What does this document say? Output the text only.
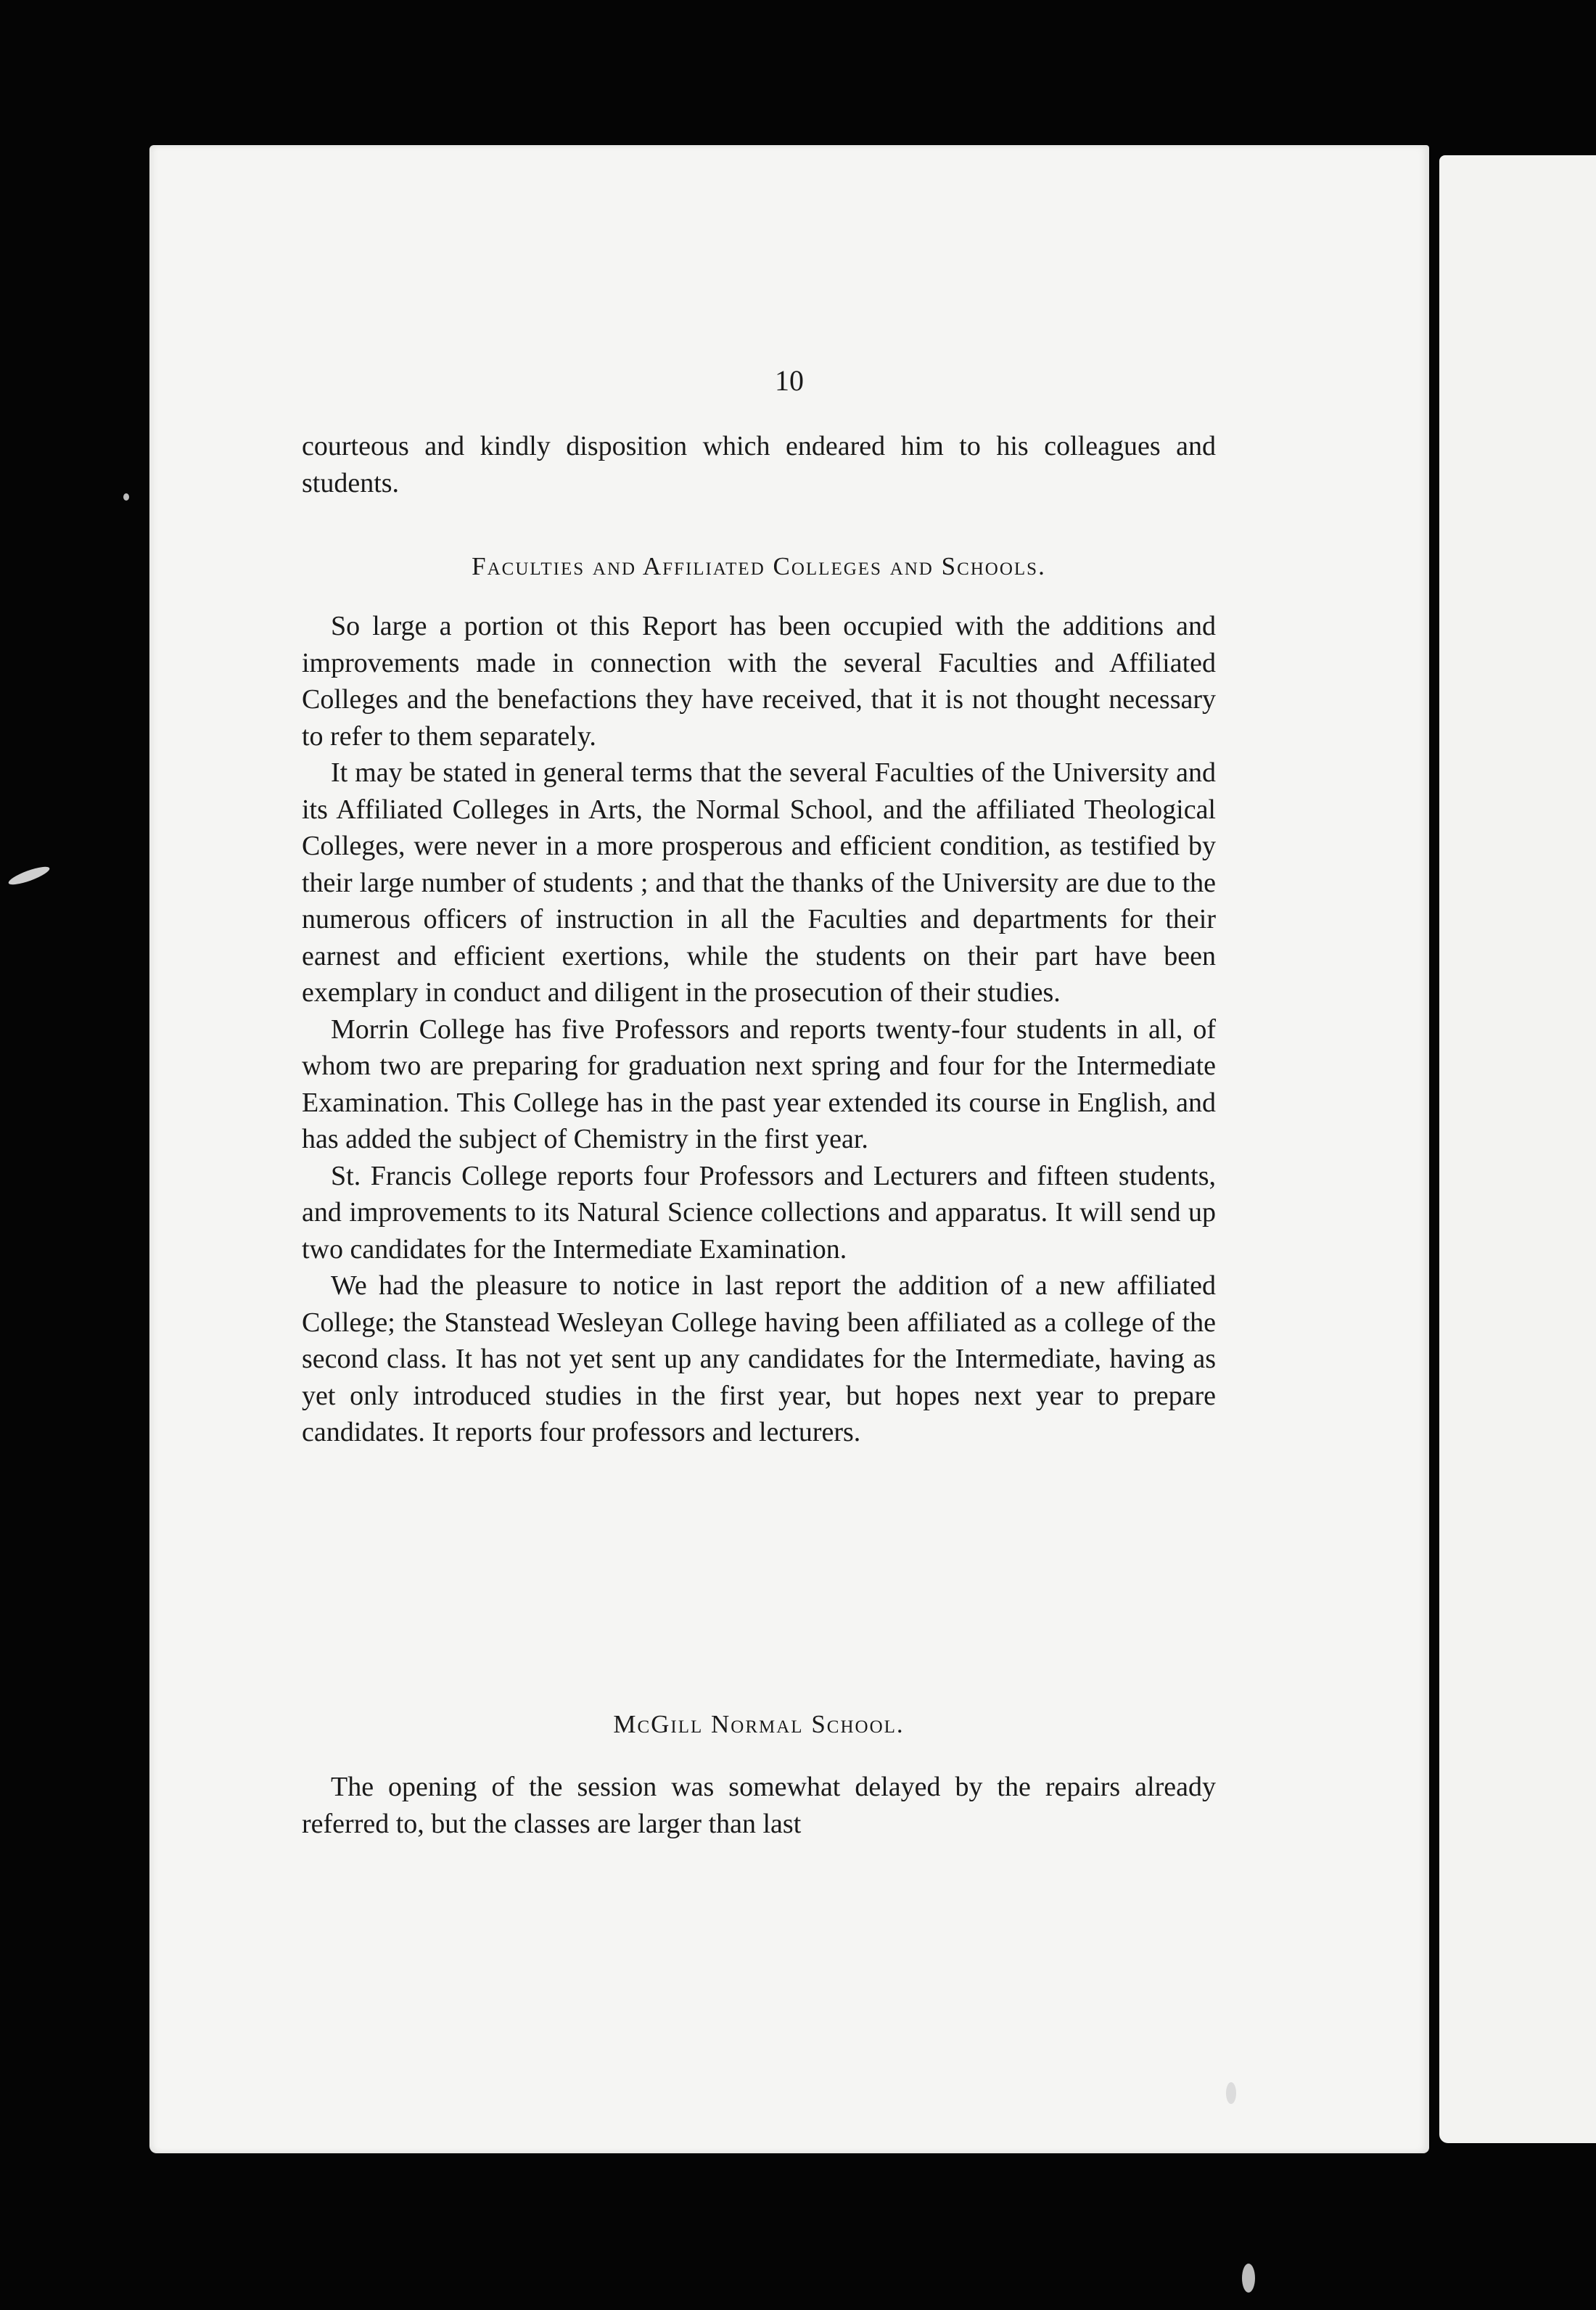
10

courteous and kindly disposition which endeared him to his colleagues and students.

Faculties and Affiliated Colleges and Schools.

So large a portion ot this Report has been occupied with the additions and improvements made in connection with the several Faculties and Affiliated Colleges and the benefactions they have received, that it is not thought necessary to refer to them separately.

It may be stated in general terms that the several Faculties of the University and its Affiliated Colleges in Arts, the Normal School, and the affiliated Theological Colleges, were never in a more prosperous and efficient condition, as testified by their large number of students ; and that the thanks of the University are due to the numerous officers of instruction in all the Faculties and departments for their earnest and efficient exertions, while the students on their part have been exemplary in conduct and diligent in the prosecution of their studies.

Morrin College has five Professors and reports twenty-four students in all, of whom two are preparing for graduation next spring and four for the Intermediate Examination. This College has in the past year extended its course in English, and has added the subject of Chemistry in the first year.

St. Francis College reports four Professors and Lecturers and fifteen students, and improvements to its Natural Science collections and apparatus. It will send up two candidates for the Intermediate Examination.

We had the pleasure to notice in last report the addition of a new affiliated College; the Stanstead Wesleyan College having been affiliated as a college of the second class. It has not yet sent up any candidates for the Intermediate, having as yet only introduced studies in the first year, but hopes next year to prepare candidates. It reports four professors and lecturers.

McGill Normal School.

The opening of the session was somewhat delayed by the repairs already referred to, but the classes are larger than last
